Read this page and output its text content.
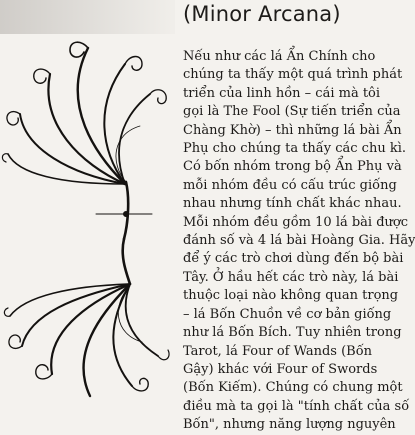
(Minor Arcana)
Nếu như các lá Ẩn Chính cho
chúng ta thấy một quá trình phát
triển của linh hồn – cái mà tôi
gọi là The Fool (Sự tiến triển của
Chàng Khờ) – thì những lá bài Ẩn
Phụ cho chúng ta thấy các chu kì.
Có bốn nhóm trong bộ Ẩn Phụ và
mỗi nhóm đều có cấu trúc giống
nhau nhưng tính chất khác nhau.
Mỗi nhóm đều gồm 10 lá bài được
đánh số và 4 lá bài Hoàng Gia. Hãy
để ý các trò chơi dùng đến bộ bài
Tây. Ở hầu hết các trò này, lá bài
thuộc loại nào không quan trọng
– lá Bốn Chuồn về cơ bản giống
như lá Bốn Bích. Tuy nhiên trong
Tarot, lá Four of Wands (Bốn
Gậy) khác với Four of Swords
(Bốn Kiếm). Chúng có chung một
điều mà ta gọi là "tính chất của số
Bốn", nhưng năng lượng nguyên
